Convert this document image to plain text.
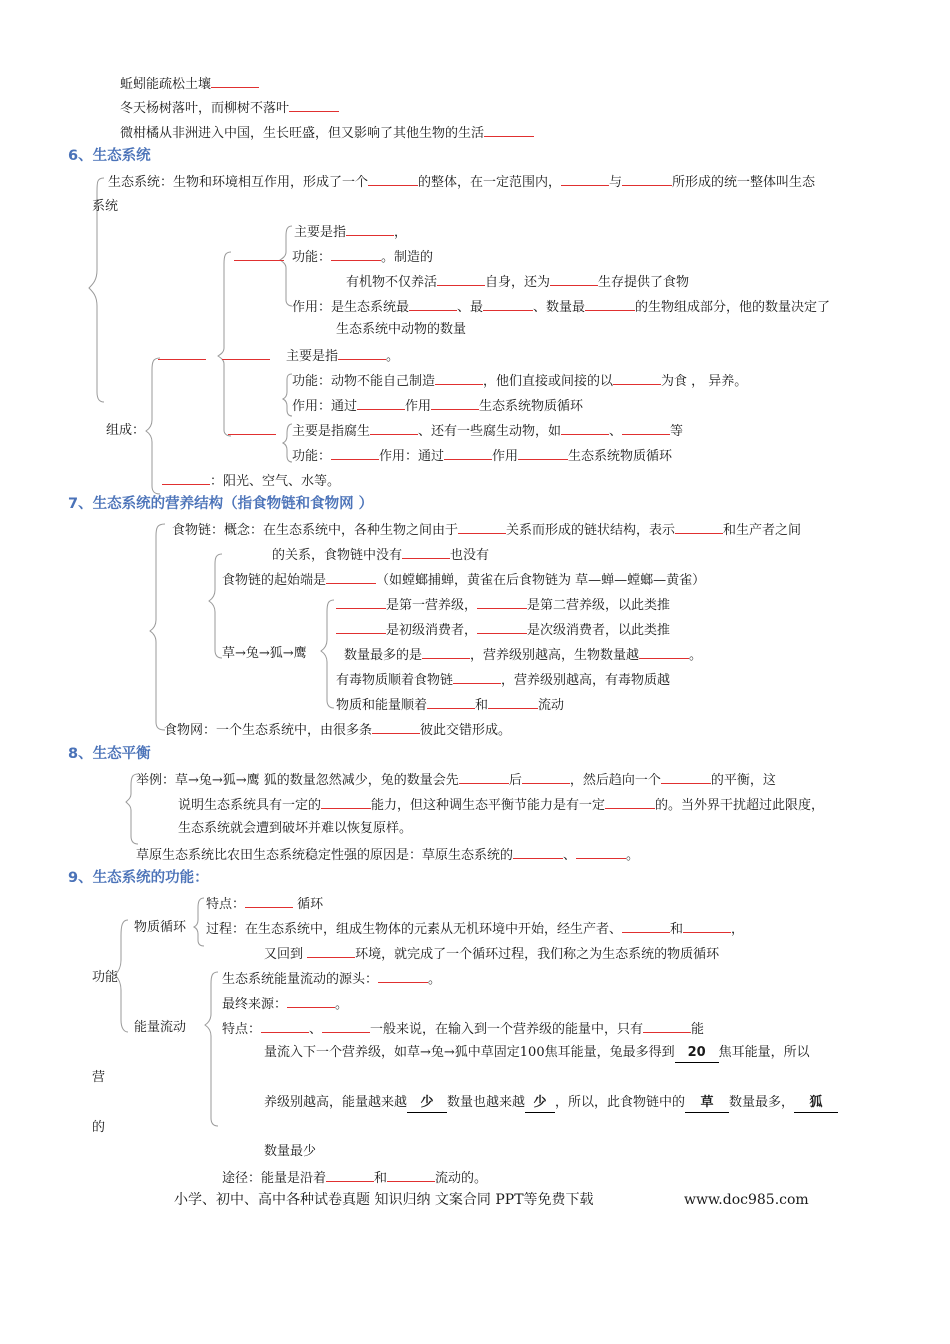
蚯蚓能疏松土壤
冬天杨树落叶，而柳树不落叶
微柑橘从非洲进入中国，生长旺盛，但又影响了其他生物的生活
6、生态系统
生态系统：生物和环境相互作用，形成了一个	的整体，在一定范围内，	与	所形成的统一整体叫生态
系统
主要是指	，
功能：	。制造的
有机物不仅养活	自身，还为	生存提供了食物
作用：是生态系统最	、最	、数量最	的生物组成部分，他的数量决定了
生态系统中动物的数量
主要是指	。
功能：动物不能自己制造	，他们直接或间接的以	为食 ， 异养。
作用：通过	作用	生态系统物质循环
组成：	主要是指腐生	、还有一些腐生动物，如	、	等
功能：	作用：通过	作用	生态系统物质循环
：阳光、空气、水等。
7、生态系统的营养结构（指食物链和食物网 ）
食物链：概念：在生态系统中，各种生物之间由于	关系而形成的链状结构，表示	和生产者之间
的关系，食物链中没有	也没有
食物链的起始端是	（如螳螂捕蝉，黄雀在后食物链为 草—蝉—螳螂—黄雀）
是第一营养级，	是第二营养级，以此类推
是初级消费者，	是次级消费者，以此类推
草→兔→狐→鹰	数量最多的是	，营养级别越高，生物数量越	。
有毒物质顺着食物链	，营养级别越高，有毒物质越
物质和能量顺着	和	流动
食物网：一个生态系统中，由很多条	彼此交错形成。
8、生态平衡
举例：草→兔→狐→鹰 狐的数量忽然减少，兔的数量会先	后	，然后趋向一个	的平衡，这
说明生态系统具有一定的	能力，但这种调生态平衡节能力是有一定	的。当外界干扰超过此限度，
生态系统就会遭到破坏并难以恢复原样。
草原生态系统比农田生态系统稳定性强的原因是：草原生态系统的	、	。
9、生态系统的功能：
特点：	循环
物质循环 过程：在生态系统中，组成生物体的元素从无机环境中开始，经生产者、	和	，
又回到	环境，就完成了一个循环过程，我们称之为生态系统的物质循环
功能	生态系统能量流动的源头：	。
最终来源：	。
能量流动	特点：	、	一般来说，在输入到一个营养级的能量中，只有	能
量流入下一个营养级，如草→兔→狐中草固定100焦耳能量，兔最多得到 20 焦耳能量，所以
营
养级别越高，能量越来越 少 数量也越来越 少 ，所以，此食物链中的 草 数量最多， 狐
的
数量最少
途径：能量是沿着	和	流动的。
小学、初中、高中各种试卷真题 知识归纳 文案合同 PPT等免费下载	www.doc985.com
